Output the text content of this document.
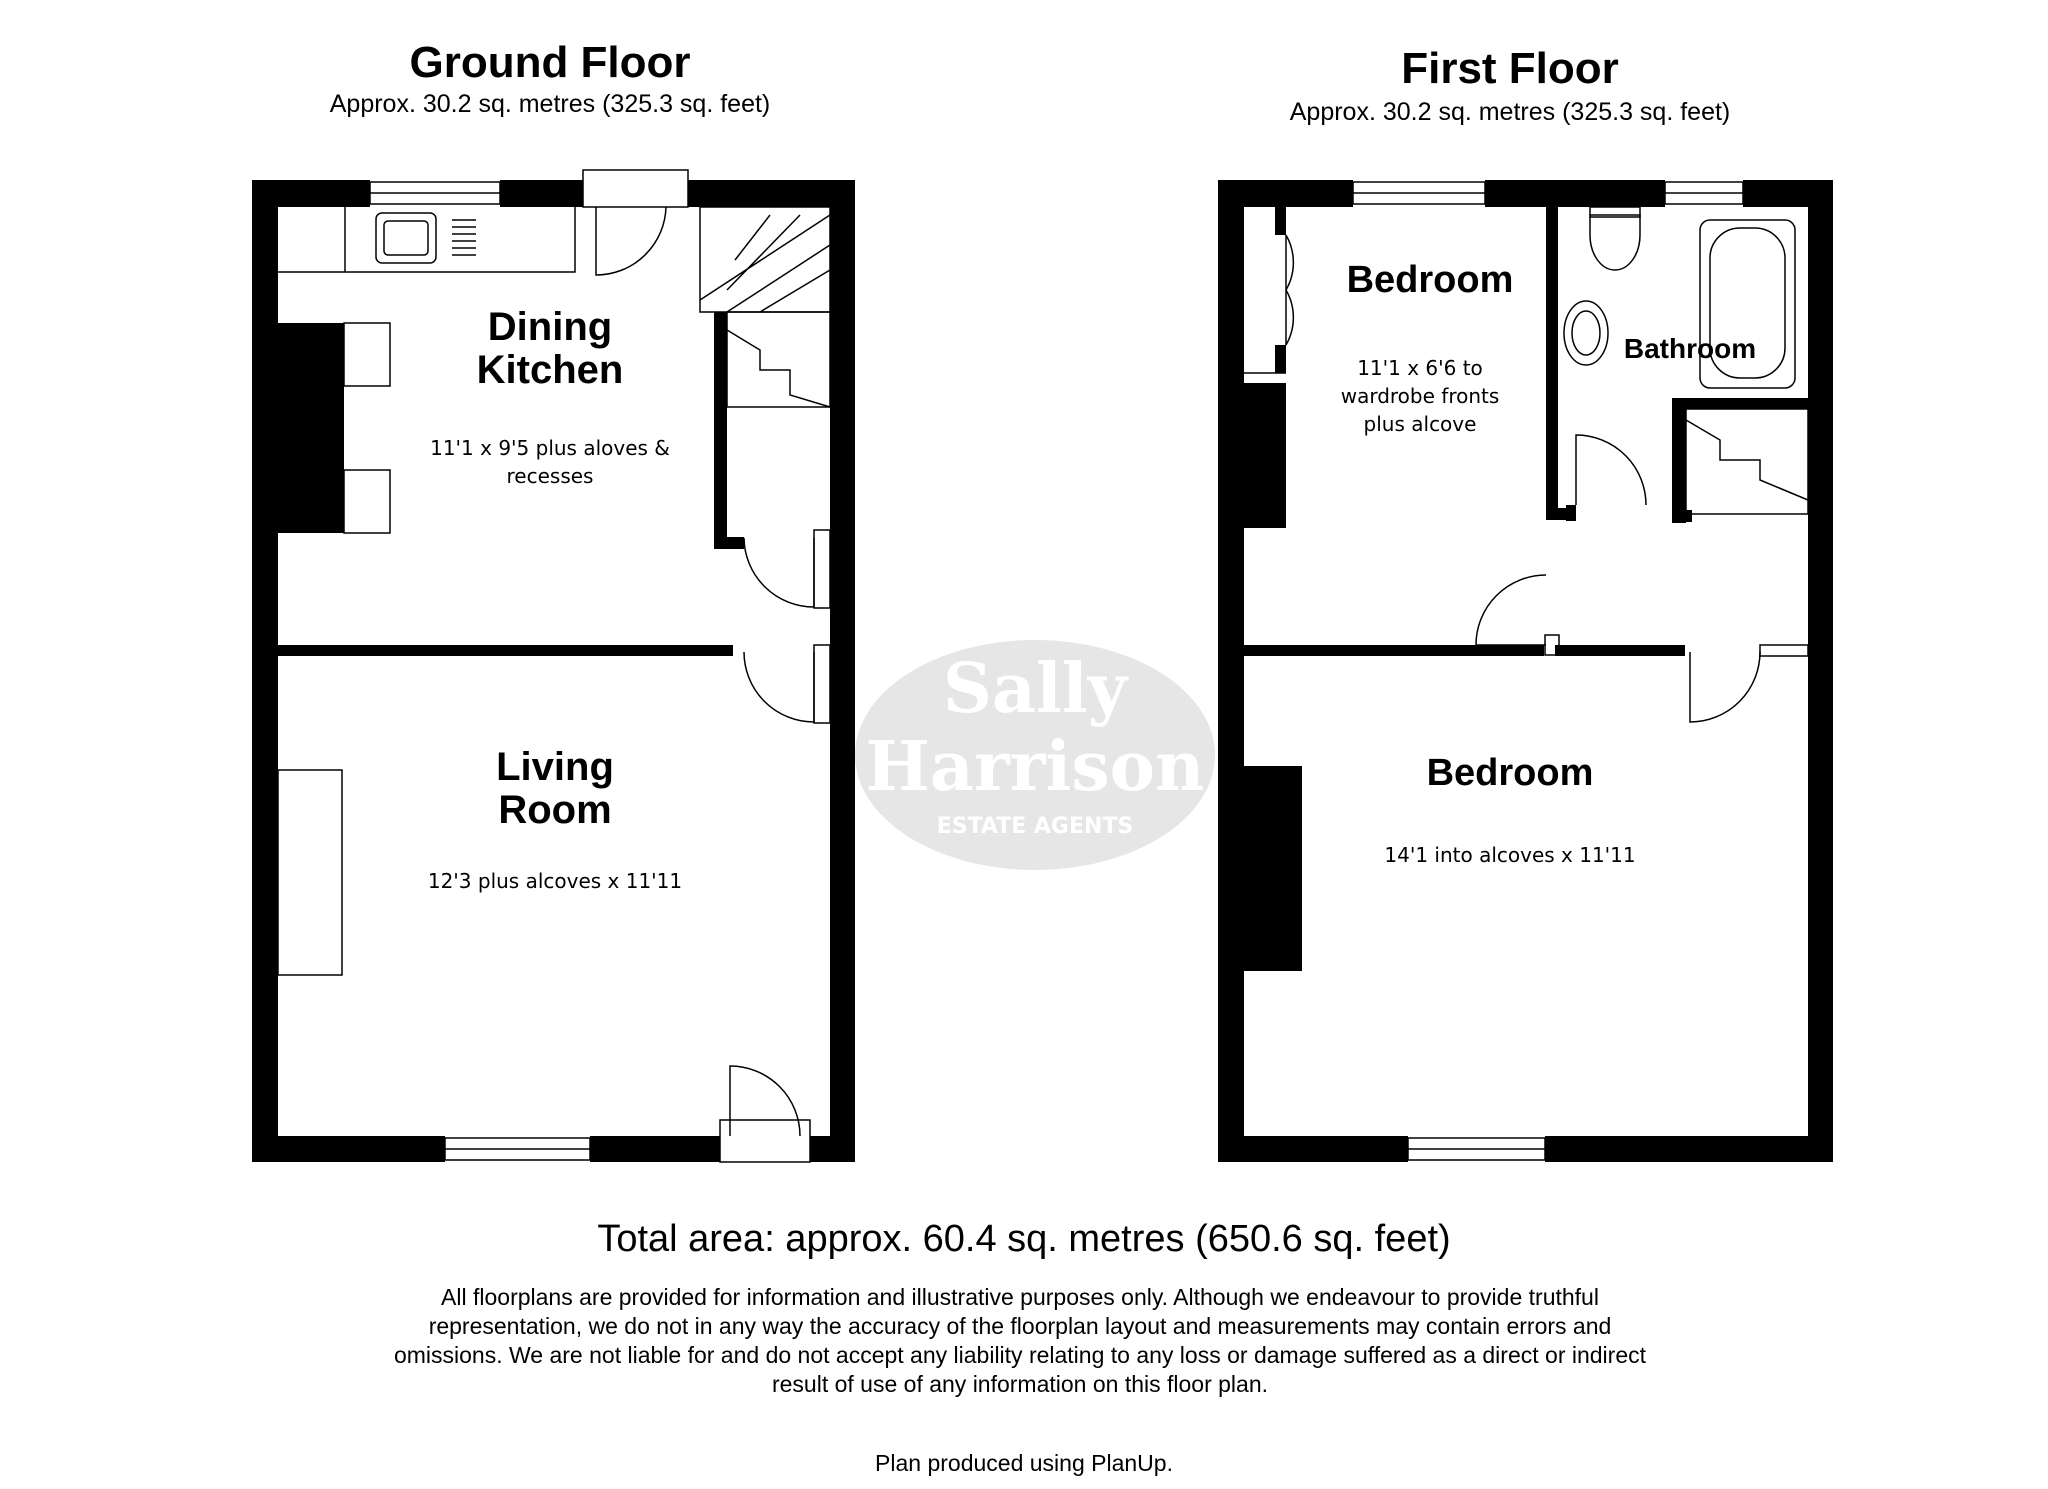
Ground Floor
Approx. 30.2 sq. metres (325.3 sq. feet)
First Floor
Approx. 30.2 sq. metres (325.3 sq. feet)
Sally
Harrison
ESTATE AGENTS
Dining
Kitchen
11'1 x 9'5 plus aloves &
recesses
Living
Room
12'3 plus alcoves x 11'11
Bedroom
11'1 x 6'6 to
wardrobe fronts
plus alcove
Bathroom
Bedroom
14'1 into alcoves x 11'11
Total area: approx. 60.4 sq. metres (650.6 sq. feet)
All floorplans are provided for information and illustrative purposes only. Although we endeavour to provide truthful representation, we do not in any way the accuracy of the floorplan layout and measurements may contain errors and omissions. We are not liable for and do not accept any liability relating to any loss or damage suffered as a direct or indirect result of use of any information on this floor plan.
Plan produced using PlanUp.
